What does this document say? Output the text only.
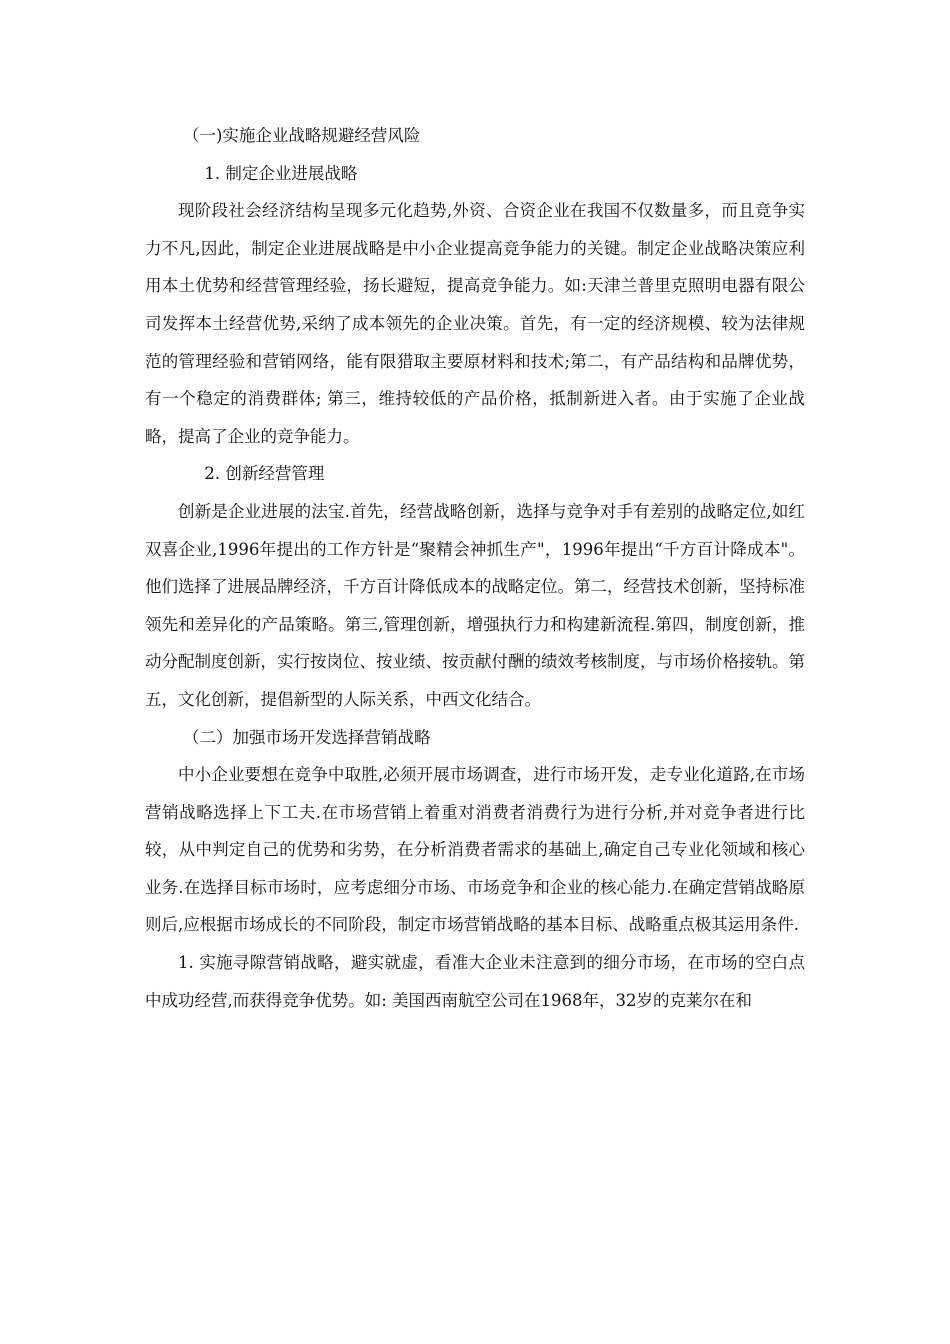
（一)实施企业战略规避经营风险

1. 制定企业进展战略

现阶段社会经济结构呈现多元化趋势,外资、合资企业在我国不仅数量多，而且竞争实力不凡,因此，制定企业进展战略是中小企业提高竞争能力的关键。制定企业战略决策应利用本土优势和经营管理经验，扬长避短，提高竞争能力。如:天津兰普里克照明电器有限公司发挥本土经营优势,采纳了成本领先的企业决策。首先，有一定的经济规模、较为法律规范的管理经验和营销网络，能有限猎取主要原材料和技术;第二，有产品结构和品牌优势，有一个稳定的消费群体; 第三，维持较低的产品价格，抵制新进入者。由于实施了企业战略，提高了企业的竞争能力。

2. 创新经营管理

创新是企业进展的法宝.首先，经营战略创新，选择与竞争对手有差别的战略定位,如红双喜企业,1996年提出的工作方针是“聚精会神抓生产"，1996年提出“千方百计降成本"。他们选择了进展品牌经济，千方百计降低成本的战略定位。第二，经营技术创新，坚持标准领先和差异化的产品策略。第三,管理创新，增强执行力和构建新流程.第四，制度创新，推动分配制度创新，实行按岗位、按业绩、按贡献付酬的绩效考核制度，与市场价格接轨。第五，文化创新，提倡新型的人际关系，中西文化结合。

（二）加强市场开发选择营销战略

中小企业要想在竞争中取胜,必须开展市场调查，进行市场开发，走专业化道路,在市场营销战略选择上下工夫.在市场营销上着重对消费者消费行为进行分析,并对竞争者进行比较，从中判定自己的优势和劣势，在分析消费者需求的基础上,确定自己专业化领域和核心业务.在选择目标市场时，应考虑细分市场、市场竞争和企业的核心能力.在确定营销战略原则后,应根据市场成长的不同阶段，制定市场营销战略的基本目标、战略重点极其运用条件.

1. 实施寻隙营销战略，避实就虚，看准大企业未注意到的细分市场，在市场的空白点中成功经营,而获得竞争优势。如: 美国西南航空公司在1968年，32岁的克莱尔在和
